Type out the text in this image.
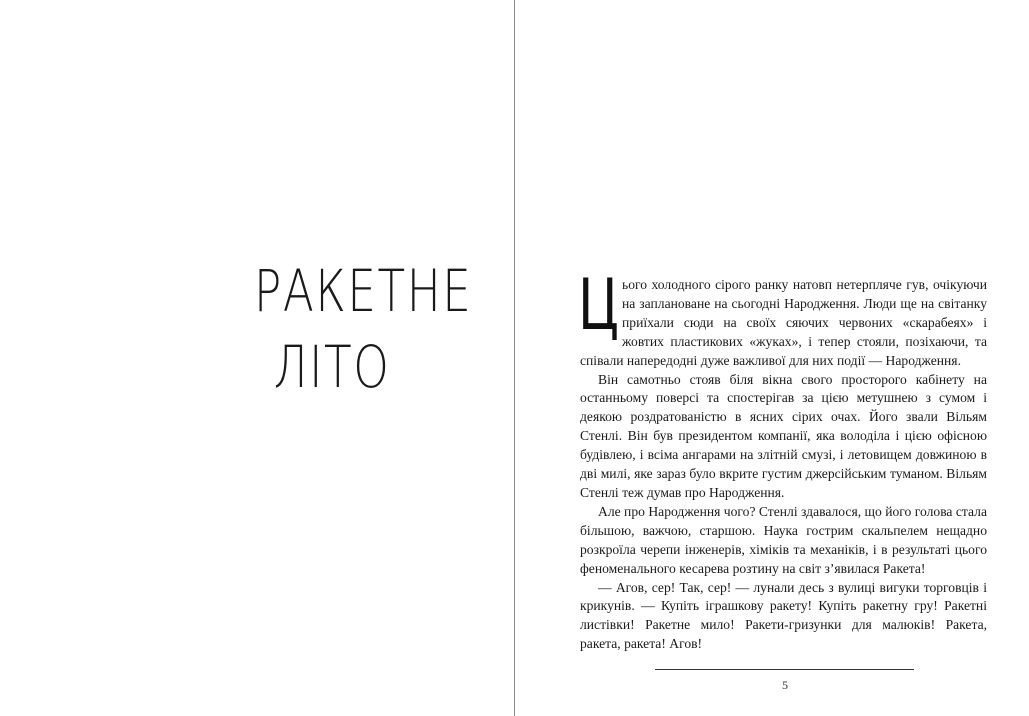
РАКЕТНЕ
ЛІТО

Цього холодного сірого ранку натовп нетерпляче гув, очікуючи на заплановане на сьогодні Народження. Люди ще на світанку приїхали сюди на своїх сяючих червоних «скарабеях» і жовтих пластикових «жуках», і тепер стояли, позіхаючи, та співали напередодні дуже важливої для них події — Народження.

Він самотньо стояв біля вікна свого просторого кабінету на останньому поверсі та спостерігав за цією метушнею з сумом і деякою роздратованістю в ясних сірих очах. Його звали Вільям Стенлі. Він був президентом компанії, яка володіла і цією офісною будівлею, і всіма ангарами на злітній смузі, і летовищем довжиною в дві милі, яке зараз було вкрите густим джерсійським туманом. Вільям Стенлі теж думав про Народження.

Але про Народження чого? Стенлі здавалося, що його голова стала більшою, важчою, старшою. Наука гострим скальпелем нещадно розкроїла черепи інженерів, хіміків та механіків, і в результаті цього феноменального кесарева розтину на світ з’явилася Ракета!

— Агов, сер! Так, сер! — лунали десь з вулиці вигуки торговців і крикунів. — Купіть іграшкову ракету! Купіть ракетну гру! Ракетні листівки! Ракетне мило! Ракети-гризунки для малюків! Ракета, ракета, ракета! Агов!

5
